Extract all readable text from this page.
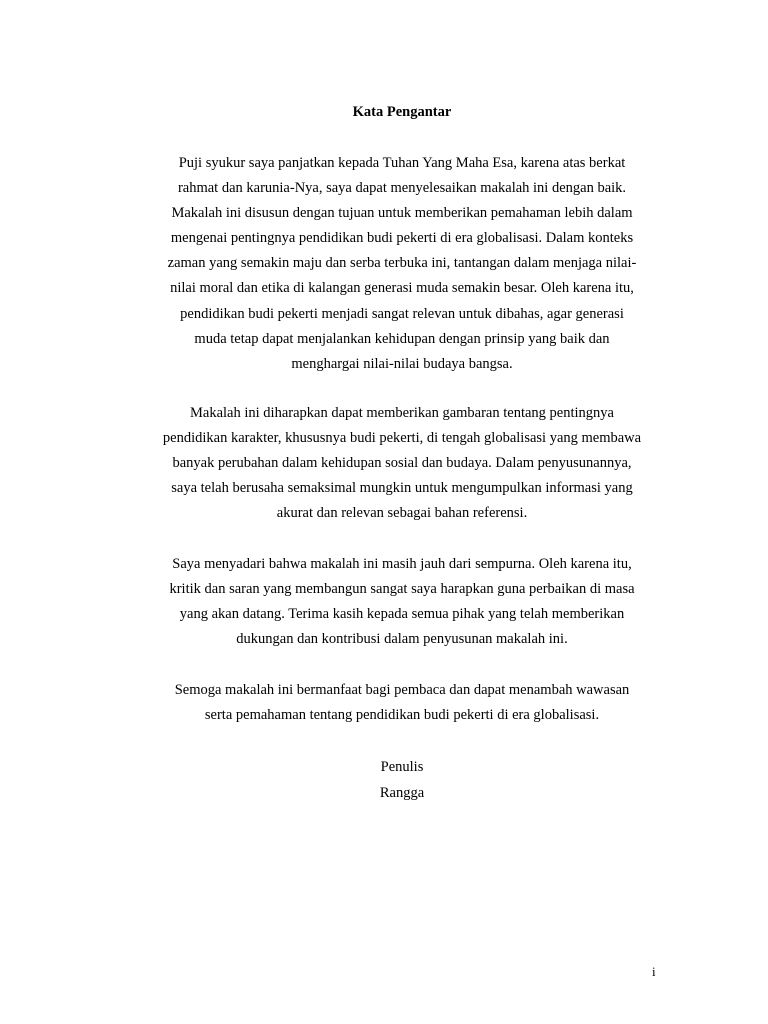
Kata Pengantar

Puji syukur saya panjatkan kepada Tuhan Yang Maha Esa, karena atas berkat
rahmat dan karunia-Nya, saya dapat menyelesaikan makalah ini dengan baik.
Makalah ini disusun dengan tujuan untuk memberikan pemahaman lebih dalam
mengenai pentingnya pendidikan budi pekerti di era globalisasi. Dalam konteks
zaman yang semakin maju dan serba terbuka ini, tantangan dalam menjaga nilai-
nilai moral dan etika di kalangan generasi muda semakin besar. Oleh karena itu,
pendidikan budi pekerti menjadi sangat relevan untuk dibahas, agar generasi
muda tetap dapat menjalankan kehidupan dengan prinsip yang baik dan
menghargai nilai-nilai budaya bangsa.

Makalah ini diharapkan dapat memberikan gambaran tentang pentingnya
pendidikan karakter, khususnya budi pekerti, di tengah globalisasi yang membawa
banyak perubahan dalam kehidupan sosial dan budaya. Dalam penyusunannya,
saya telah berusaha semaksimal mungkin untuk mengumpulkan informasi yang
akurat dan relevan sebagai bahan referensi.

Saya menyadari bahwa makalah ini masih jauh dari sempurna. Oleh karena itu,
kritik dan saran yang membangun sangat saya harapkan guna perbaikan di masa
yang akan datang. Terima kasih kepada semua pihak yang telah memberikan
dukungan dan kontribusi dalam penyusunan makalah ini.

Semoga makalah ini bermanfaat bagi pembaca dan dapat menambah wawasan
serta pemahaman tentang pendidikan budi pekerti di era globalisasi.

Penulis
Rangga
i
